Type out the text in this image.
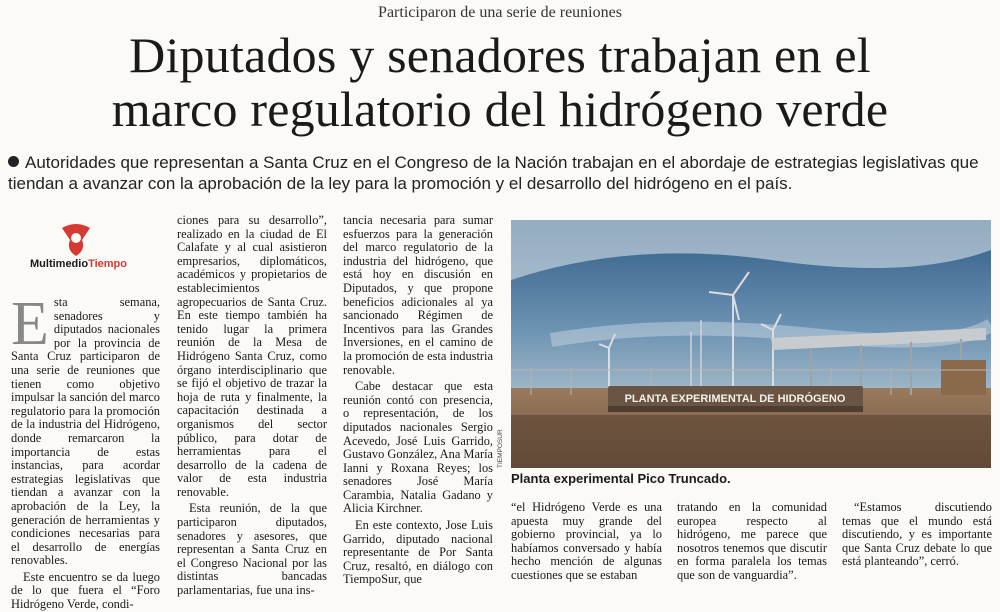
Participaron de una serie de reuniones
Diputados y senadores trabajan en el
marco regulatorio del hidrógeno verde
Autoridades que representan a Santa Cruz en el Congreso de la Nación trabajan en el abordaje de estrategias legislativas que tiendan a avanzar con la aprobación de la ley para la promoción y el desarrollo del hidrógeno en el país.
MultimedioTiempo

Esta semana, senadores y diputados nacionales por la provincia de Santa Cruz participaron de una serie de reuniones que tienen como objetivo impulsar la sanción del marco regulatorio para la promoción de la industria del Hidrógeno, donde remarcaron la importancia de estas instancias, para acordar estrategias legislativas que tiendan a avanzar con la aprobación de la Ley, la generación de herramientas y condiciones necesarias para el desarrollo de energías renovables.

Este encuentro se da luego de lo que fuera el “Foro Hidrógeno Verde, condi-

ciones para su desarrollo”, realizado en la ciudad de El Calafate y al cual asistieron empresarios, diplomáticos, académicos y propietarios de establecimientos agropecuarios de Santa Cruz. En este tiempo también ha tenido lugar la primera reunión de la Mesa de Hidrógeno Santa Cruz, como órgano interdisciplinario que se fijó el objetivo de trazar la hoja de ruta y finalmente, la capacitación destinada a organismos del sector público, para dotar de herramientas para el desarrollo de la cadena de valor de esta industria renovable.

Esta reunión, de la que participaron diputados, senadores y asesores, que representan a Santa Cruz en el Congreso Nacional por las distintas bancadas parlamentarias, fue una ins-

tancia necesaria para sumar esfuerzos para la generación del marco regulatorio de la industria del hidrógeno, que está hoy en discusión en Diputados, y que propone beneficios adicionales al ya sancionado Régimen de Incentivos para las Grandes Inversiones, en el camino de la promoción de esta industria renovable.

Cabe destacar que esta reunión contó con presencia, o representación, de los diputados nacionales Sergio Acevedo, José Luis Garrido, Gustavo González, Ana María Ianni y Roxana Reyes; los senadores José María Carambia, Natalia Gadano y Alicia Kirchner.

En este contexto, Jose Luis Garrido, diputado nacional representante de Por Santa Cruz, resaltó, en diálogo con TiempoSur, que

PLANTA EXPERIMENTAL DE HIDRÓGENO
TIEMPOSUR
Planta experimental Pico Truncado.

“el Hidrógeno Verde es una apuesta muy grande del gobierno provincial, ya lo habíamos conversado y había hecho mención de algunas cuestiones que se estaban

tratando en la comunidad europea respecto al hidrógeno, me parece que nosotros tenemos que discutir en forma paralela los temas que son de vanguardia”.

“Estamos discutiendo temas que el mundo está discutiendo, y es importante que Santa Cruz debate lo que está planteando”, cerró.
